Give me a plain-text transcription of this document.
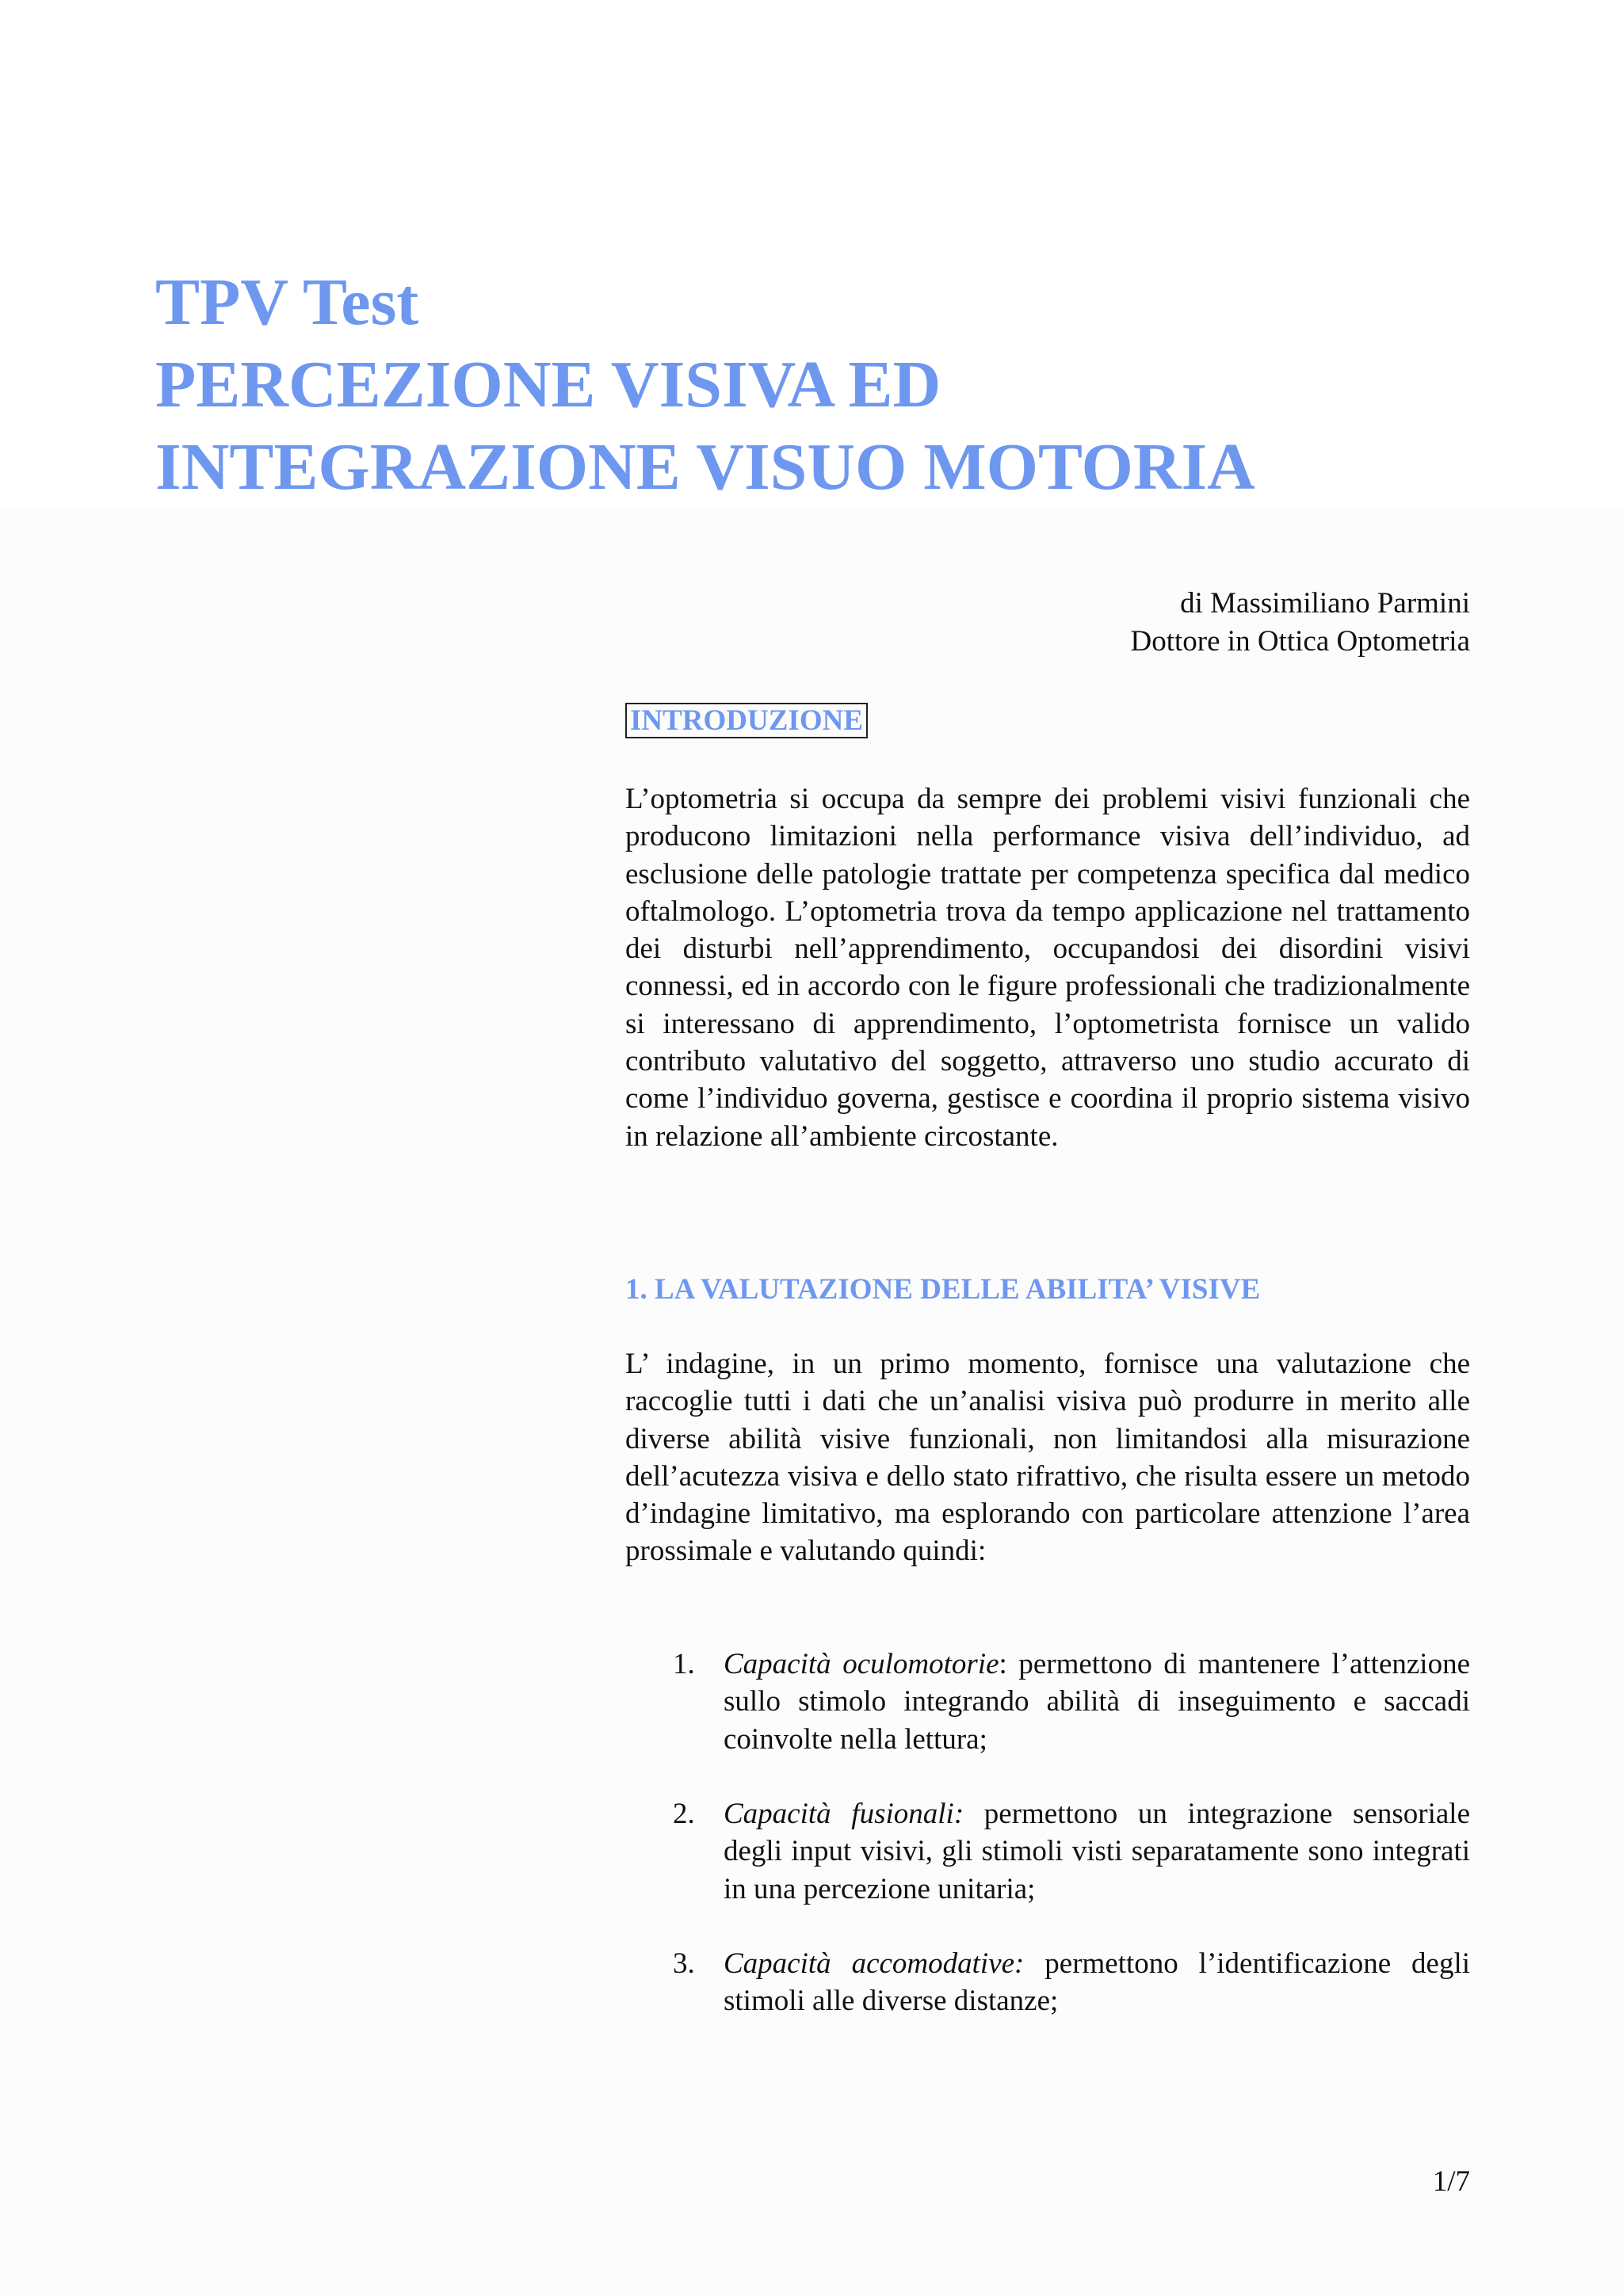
TPV Test
PERCEZIONE VISIVA ED
INTEGRAZIONE VISUO MOTORIA
di Massimiliano Parmini
Dottore in Ottica Optometria
INTRODUZIONE

L’optometria si occupa da sempre dei problemi visivi funzionali che producono limitazioni nella performance visiva dell’individuo, ad esclusione delle patologie trattate per competenza specifica dal medico oftalmologo. L’optometria trova da tempo applicazione nel trattamento dei disturbi nell’apprendimento, occupandosi dei disordini visivi connessi, ed in accordo con le figure professionali che tradizionalmente si interessano di apprendimento, l’optometrista fornisce un valido contributo valutativo del soggetto, attraverso uno studio accurato di come l’individuo governa, gestisce e coordina il proprio sistema visivo in relazione all’ambiente circostante.

1. LA VALUTAZIONE DELLE ABILITA’ VISIVE

L’ indagine, in un primo momento, fornisce una valutazione che raccoglie tutti i dati che un’analisi visiva può produrre in merito alle diverse abilità visive funzionali, non limitandosi alla misurazione dell’acutezza visiva e dello stato rifrattivo, che risulta essere un metodo d’indagine limitativo, ma esplorando con particolare attenzione l’area prossimale e valutando quindi:

1. Capacità oculomotorie: permettono di mantenere l’attenzione sullo stimolo integrando abilità di inseguimento e saccadi coinvolte nella lettura;
2. Capacità fusionali: permettono un integrazione sensoriale degli input visivi, gli stimoli visti separatamente sono integrati in una percezione unitaria;
3. Capacità accomodative: permettono l’identificazione degli stimoli alle diverse distanze;
1/7
